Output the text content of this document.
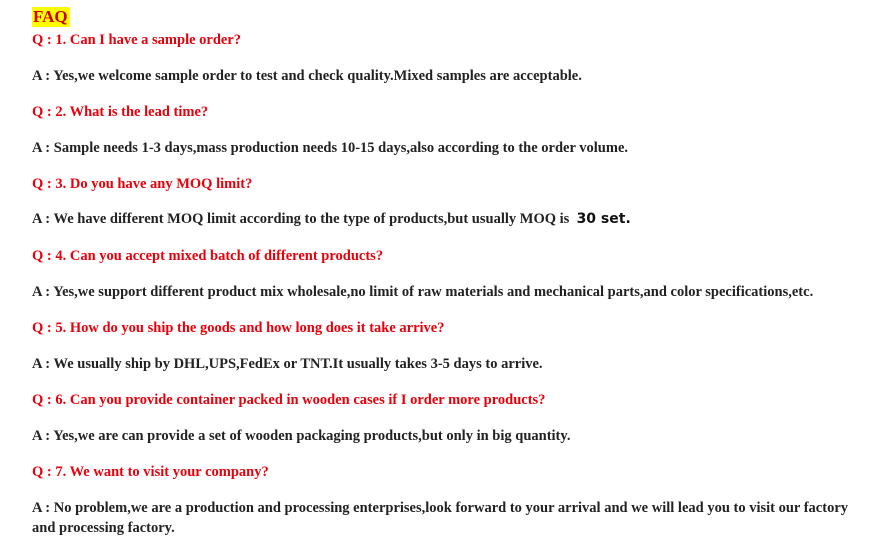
FAQ
Q : 1. Can I have a sample order?
A : Yes,we welcome sample order to test and check quality.Mixed samples are acceptable.
Q : 2. What is the lead time?
A : Sample needs 1-3 days,mass production needs 10-15 days,also according to the order volume.
Q : 3. Do you have any MOQ limit?
A : We have different MOQ limit according to the type of products,but usually MOQ is 30 set.
Q : 4. Can you accept mixed batch of different products?
A : Yes,we support different product mix wholesale,no limit of raw materials and mechanical parts,and color specifications,etc.
Q : 5. How do you ship the goods and how long does it take arrive?
A : We usually ship by DHL,UPS,FedEx or TNT.It usually takes 3-5 days to arrive.
Q : 6. Can you provide container packed in wooden cases if I order more products?
A : Yes,we are can provide a set of wooden packaging products,but only in big quantity.
Q : 7. We want to visit your company?
A : No problem,we are a production and processing enterprises,look forward to your arrival and we will lead you to visit our factory and processing factory.
